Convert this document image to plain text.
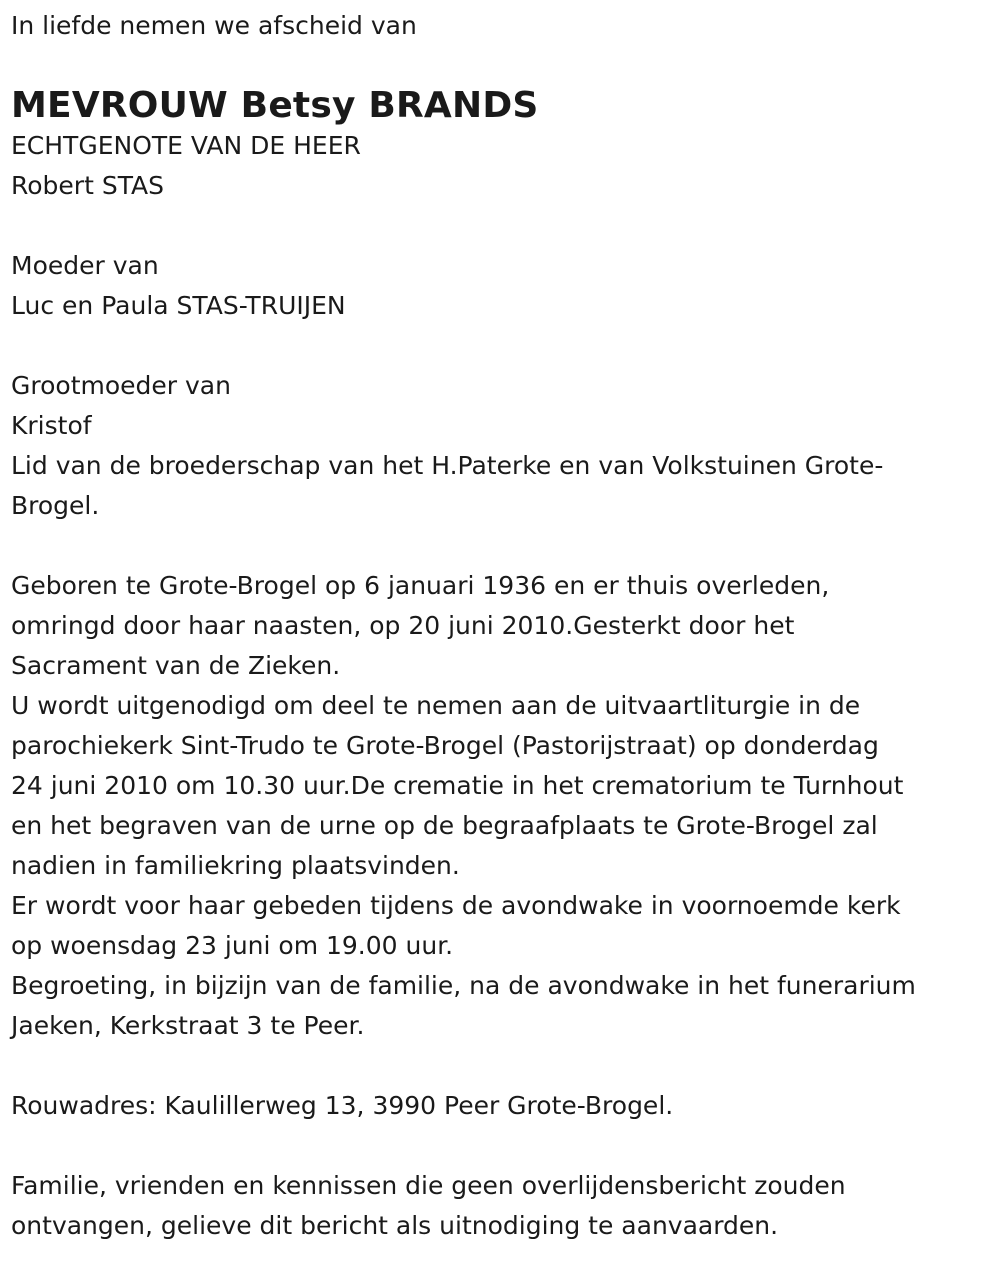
In liefde nemen we afscheid van
MEVROUW Betsy BRANDS
ECHTGENOTE VAN DE HEER
Robert STAS
Moeder van
Luc en Paula STAS-TRUIJEN
Grootmoeder van
Kristof
Lid van de broederschap van het H.Paterke en van Volkstuinen Grote-
Brogel.
Geboren te Grote-Brogel op 6 januari 1936 en er thuis overleden,
omringd door haar naasten, op 20 juni 2010.Gesterkt door het
Sacrament van de Zieken.
U wordt uitgenodigd om deel te nemen aan de uitvaartliturgie in de
parochiekerk Sint-Trudo te Grote-Brogel (Pastorijstraat) op donderdag
24 juni 2010 om 10.30 uur.De crematie in het crematorium te Turnhout
en het begraven van de urne op de begraafplaats te Grote-Brogel zal
nadien in familiekring plaatsvinden.
Er wordt voor haar gebeden tijdens de avondwake in voornoemde kerk
op woensdag 23 juni om 19.00 uur.
Begroeting, in bijzijn van de familie, na de avondwake in het funerarium
Jaeken, Kerkstraat 3 te Peer.
Rouwadres: Kaulillerweg 13, 3990 Peer Grote-Brogel.
Familie, vrienden en kennissen die geen overlijdensbericht zouden
ontvangen, gelieve dit bericht als uitnodiging te aanvaarden.
